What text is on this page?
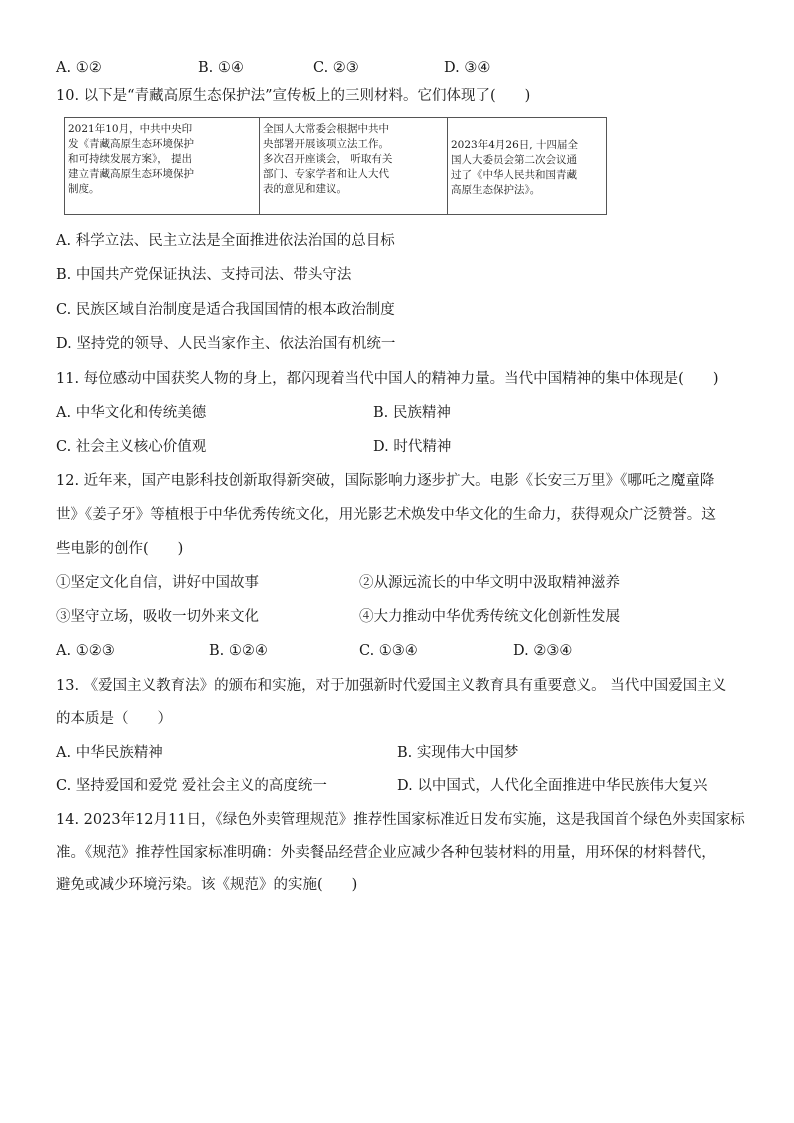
A. ①②	B. ①④	C. ②③	D. ③④
10. 以下是“青藏高原生态保护法”宣传板上的三则材料。它们体现了(　　)
2021年10月，中共中央印
发《青藏高原生态环境保护
和可持续发展方案》， 提出
建立青藏高原生态环境保护
制度。

全国人大常委会根据中共中
央部署开展该项立法工作。
多次召开座谈会， 听取有关
部门、专家学者和让人大代
表的意见和建议。

2023年4月26日, 十四届全
国人大委员会第二次会议通
过了《中华人民共和国青藏
高原生态保护法》。
A. 科学立法、民主立法是全面推进依法治国的总目标
B. 中国共产党保证执法、支持司法、带头守法
C. 民族区域自治制度是适合我国国情的根本政治制度
D. 坚持党的领导、人民当家作主、依法治国有机统一
11. 每位感动中国获奖人物的身上，都闪现着当代中国人的精神力量。当代中国精神的集中体现是(　　)
A. 中华文化和传统美德	B. 民族精神
C. 社会主义核心价值观	D. 时代精神
12. 近年来，国产电影科技创新取得新突破，国际影响力逐步扩大。电影《长安三万里》《哪吒之魔童降
世》《姜子牙》等植根于中华优秀传统文化，用光影艺术焕发中华文化的生命力，获得观众广泛赞誉。这
些电影的创作(　　)
①坚定文化自信，讲好中国故事	②从源远流长的中华文明中汲取精神滋养
③坚守立场，吸收一切外来文化	④大力推动中华优秀传统文化创新性发展
A. ①②③	B. ①②④	C. ①③④	D. ②③④
13. 《爱国主义教育法》的颁布和实施，对于加强新时代爱国主义教育具有重要意义。 当代中国爱国主义
的本质是（　　）
A. 中华民族精神	B. 实现伟大中国梦
C. 坚持爱国和爱党 爱社会主义的高度统一	D. 以中国式，人代化全面推进中华民族伟大复兴
14. 2023年12月11日，《绿色外卖管理规范》推荐性国家标准近日发布实施，这是我国首个绿色外卖国家标
准。《规范》推荐性国家标准明确：外卖餐品经营企业应减少各种包装材料的用量，用环保的材料替代，
避免或减少环境污染。该《规范》的实施(　　)
